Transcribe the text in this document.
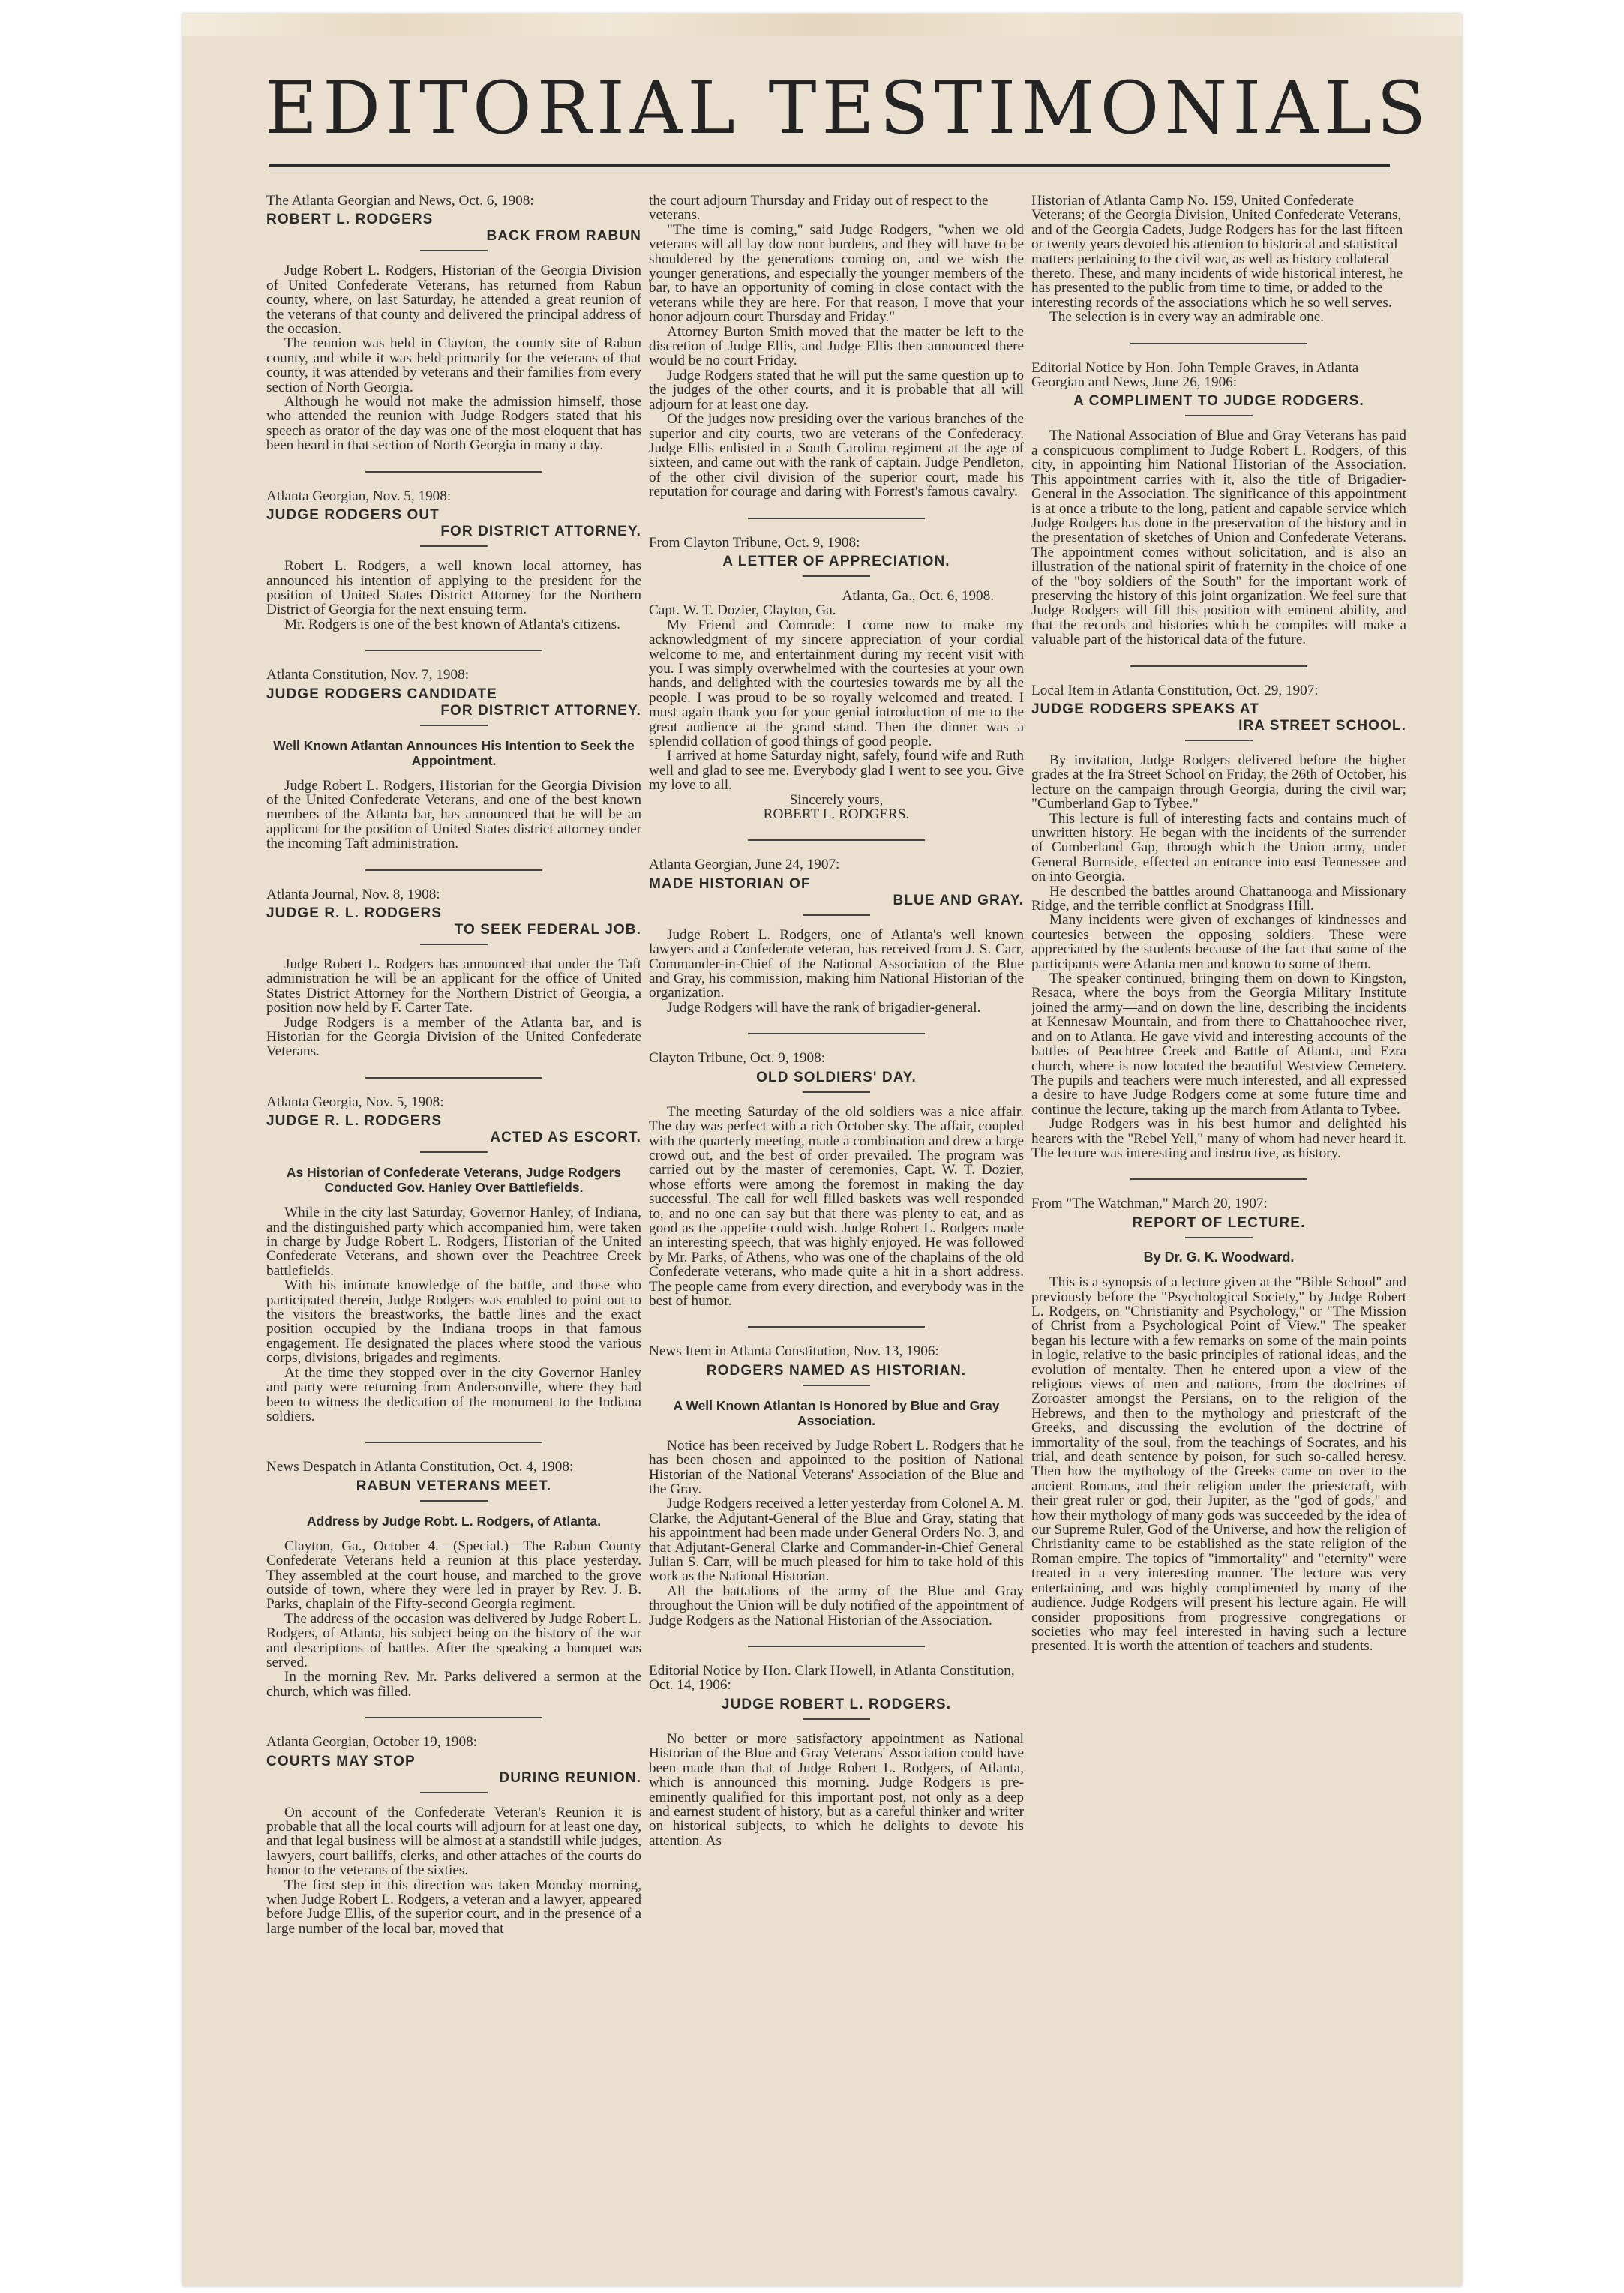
EDITORIAL TESTIMONIALS

The Atlanta Georgian and News, Oct. 6, 1908:

ROBERT L. RODGERS
BACK FROM RABUN

Judge Robert L. Rodgers, Historian of the Georgia Division of United Confederate Veterans, has returned from Rabun county, where, on last Saturday, he attended a great reunion of the veterans of that county and delivered the principal address of the occasion.

The reunion was held in Clayton, the county site of Rabun county, and while it was held primarily for the veterans of that county, it was attended by veterans and their families from every section of North Georgia.

Although he would not make the admission himself, those who attended the reunion with Judge Rodgers stated that his speech as orator of the day was one of the most eloquent that has been heard in that section of North Georgia in many a day.

Atlanta Georgian, Nov. 5, 1908:

JUDGE RODGERS OUT
FOR DISTRICT ATTORNEY.

Robert L. Rodgers, a well known local attorney, has announced his intention of applying to the president for the position of United States District Attorney for the Northern District of Georgia for the next ensuing term.

Mr. Rodgers is one of the best known of Atlanta's citizens.

Atlanta Constitution, Nov. 7, 1908:

JUDGE RODGERS CANDIDATE
FOR DISTRICT ATTORNEY.
Well Known Atlantan Announces His Intention to Seek the Appointment.

Judge Robert L. Rodgers, Historian for the Georgia Division of the United Confederate Veterans, and one of the best known members of the Atlanta bar, has announced that he will be an applicant for the position of United States district attorney under the incoming Taft administration.

Atlanta Journal, Nov. 8, 1908:

JUDGE R. L. RODGERS
TO SEEK FEDERAL JOB.

Judge Robert L. Rodgers has announced that under the Taft administration he will be an applicant for the office of United States District Attorney for the Northern District of Georgia, a position now held by F. Carter Tate.

Judge Rodgers is a member of the Atlanta bar, and is Historian for the Georgia Division of the United Confederate Veterans.

Atlanta Georgia, Nov. 5, 1908:

JUDGE R. L. RODGERS
ACTED AS ESCORT.
As Historian of Confederate Veterans, Judge Rodgers Conducted Gov. Hanley Over Battlefields.

While in the city last Saturday, Governor Hanley, of Indiana, and the distinguished party which accompanied him, were taken in charge by Judge Robert L. Rodgers, Historian of the United Confederate Veterans, and shown over the Peachtree Creek battlefields.

With his intimate knowledge of the battle, and those who participated therein, Judge Rodgers was enabled to point out to the visitors the breastworks, the battle lines and the exact position occupied by the Indiana troops in that famous engagement. He designated the places where stood the various corps, divisions, brigades and regiments.

At the time they stopped over in the city Governor Hanley and party were returning from Andersonville, where they had been to witness the dedication of the monument to the Indiana soldiers.

News Despatch in Atlanta Constitution, Oct. 4, 1908:

RABUN VETERANS MEET.
Address by Judge Robt. L. Rodgers, of Atlanta.

Clayton, Ga., October 4.—(Special.)—The Rabun County Confederate Veterans held a reunion at this place yesterday. They assembled at the court house, and marched to the grove outside of town, where they were led in prayer by Rev. J. B. Parks, chaplain of the Fifty-second Georgia regiment.

The address of the occasion was delivered by Judge Robert L. Rodgers, of Atlanta, his subject being on the history of the war and descriptions of battles. After the speaking a banquet was served.

In the morning Rev. Mr. Parks delivered a sermon at the church, which was filled.

Atlanta Georgian, October 19, 1908:

COURTS MAY STOP
DURING REUNION.

On account of the Confederate Veteran's Reunion it is probable that all the local courts will adjourn for at least one day, and that legal business will be almost at a standstill while judges, lawyers, court bailiffs, clerks, and other attaches of the courts do honor to the veterans of the sixties.

The first step in this direction was taken Monday morning, when Judge Robert L. Rodgers, a veteran and a lawyer, appeared before Judge Ellis, of the superior court, and in the presence of a large number of the local bar, moved that

the court adjourn Thursday and Friday out of respect to the veterans.

"The time is coming," said Judge Rodgers, "when we old veterans will all lay dow nour burdens, and they will have to be shouldered by the generations coming on, and we wish the younger generations, and especially the younger members of the bar, to have an opportunity of coming in close contact with the veterans while they are here. For that reason, I move that your honor adjourn court Thursday and Friday."

Attorney Burton Smith moved that the matter be left to the discretion of Judge Ellis, and Judge Ellis then announced there would be no court Friday.

Judge Rodgers stated that he will put the same question up to the judges of the other courts, and it is probable that all will adjourn for at least one day.

Of the judges now presiding over the various branches of the superior and city courts, two are veterans of the Confederacy. Judge Ellis enlisted in a South Carolina regiment at the age of sixteen, and came out with the rank of captain. Judge Pendleton, of the other civil division of the superior court, made his reputation for courage and daring with Forrest's famous cavalry.

From Clayton Tribune, Oct. 9, 1908:

A LETTER OF APPRECIATION.

Atlanta, Ga., Oct. 6, 1908.

Capt. W. T. Dozier, Clayton, Ga.

My Friend and Comrade: I come now to make my acknowledgment of my sincere appreciation of your cordial welcome to me, and entertainment during my recent visit with you. I was simply overwhelmed with the courtesies at your own hands, and delighted with the courtesies towards me by all the people. I was proud to be so royally welcomed and treated. I must again thank you for your genial introduction of me to the great audience at the grand stand. Then the dinner was a splendid collation of good things of good people.

I arrived at home Saturday night, safely, found wife and Ruth well and glad to see me. Everybody glad I went to see you. Give my love to all.

Sincerely yours,

ROBERT L. RODGERS.

Atlanta Georgian, June 24, 1907:

MADE HISTORIAN OF
BLUE AND GRAY.

Judge Robert L. Rodgers, one of Atlanta's well known lawyers and a Confederate veteran, has received from J. S. Carr, Commander-in-Chief of the National Association of the Blue and Gray, his commission, making him National Historian of the organization.

Judge Rodgers will have the rank of brigadier-general.

Clayton Tribune, Oct. 9, 1908:

OLD SOLDIERS' DAY.

The meeting Saturday of the old soldiers was a nice affair. The day was perfect with a rich October sky. The affair, coupled with the quarterly meeting, made a combination and drew a large crowd out, and the best of order prevailed. The program was carried out by the master of ceremonies, Capt. W. T. Dozier, whose efforts were among the foremost in making the day successful. The call for well filled baskets was well responded to, and no one can say but that there was plenty to eat, and as good as the appetite could wish. Judge Robert L. Rodgers made an interesting speech, that was highly enjoyed. He was followed by Mr. Parks, of Athens, who was one of the chaplains of the old Confederate veterans, who made quite a hit in a short address. The people came from every direction, and everybody was in the best of humor.

News Item in Atlanta Constitution, Nov. 13, 1906:

RODGERS NAMED AS HISTORIAN.
A Well Known Atlantan Is Honored by Blue and Gray Association.

Notice has been received by Judge Robert L. Rodgers that he has been chosen and appointed to the position of National Historian of the National Veterans' Association of the Blue and the Gray.

Judge Rodgers received a letter yesterday from Colonel A. M. Clarke, the Adjutant-General of the Blue and Gray, stating that his appointment had been made under General Orders No. 3, and that Adjutant-General Clarke and Commander-in-Chief General Julian S. Carr, will be much pleased for him to take hold of this work as the National Historian.

All the battalions of the army of the Blue and Gray throughout the Union will be duly notified of the appointment of Judge Rodgers as the National Historian of the Association.

Editorial Notice by Hon. Clark Howell, in Atlanta Constitution, Oct. 14, 1906:

JUDGE ROBERT L. RODGERS.

No better or more satisfactory appointment as National Historian of the Blue and Gray Veterans' Association could have been made than that of Judge Robert L. Rodgers, of Atlanta, which is announced this morning. Judge Rodgers is pre-eminently qualified for this important post, not only as a deep and earnest student of history, but as a careful thinker and writer on historical subjects, to which he delights to devote his attention. As

Historian of Atlanta Camp No. 159, United Confederate Veterans; of the Georgia Division, United Confederate Veterans, and of the Georgia Cadets, Judge Rodgers has for the last fifteen or twenty years devoted his attention to historical and statistical matters pertaining to the civil war, as well as history collateral thereto. These, and many incidents of wide historical interest, he has presented to the public from time to time, or added to the interesting records of the associations which he so well serves.

The selection is in every way an admirable one.

Editorial Notice by Hon. John Temple Graves, in Atlanta Georgian and News, June 26, 1906:

A COMPLIMENT TO JUDGE RODGERS.

The National Association of Blue and Gray Veterans has paid a conspicuous compliment to Judge Robert L. Rodgers, of this city, in appointing him National Historian of the Association. This appointment carries with it, also the title of Brigadier-General in the Association. The significance of this appointment is at once a tribute to the long, patient and capable service which Judge Rodgers has done in the preservation of the history and in the presentation of sketches of Union and Confederate Veterans. The appointment comes without solicitation, and is also an illustration of the national spirit of fraternity in the choice of one of the "boy soldiers of the South" for the important work of preserving the history of this joint organization. We feel sure that Judge Rodgers will fill this position with eminent ability, and that the records and histories which he compiles will make a valuable part of the historical data of the future.

Local Item in Atlanta Constitution, Oct. 29, 1907:

JUDGE RODGERS SPEAKS AT
IRA STREET SCHOOL.

By invitation, Judge Rodgers delivered before the higher grades at the Ira Street School on Friday, the 26th of October, his lecture on the campaign through Georgia, during the civil war; "Cumberland Gap to Tybee."

This lecture is full of interesting facts and contains much of unwritten history. He began with the incidents of the surrender of Cumberland Gap, through which the Union army, under General Burnside, effected an entrance into east Tennessee and on into Georgia.

He described the battles around Chattanooga and Missionary Ridge, and the terrible conflict at Snodgrass Hill.

Many incidents were given of exchanges of kindnesses and courtesies between the opposing soldiers. These were appreciated by the students because of the fact that some of the participants were Atlanta men and known to some of them.

The speaker continued, bringing them on down to Kingston, Resaca, where the boys from the Georgia Military Institute joined the army—and on down the line, describing the incidents at Kennesaw Mountain, and from there to Chattahoochee river, and on to Atlanta. He gave vivid and interesting accounts of the battles of Peachtree Creek and Battle of Atlanta, and Ezra church, where is now located the beautiful Westview Cemetery. The pupils and teachers were much interested, and all expressed a desire to have Judge Rodgers come at some future time and continue the lecture, taking up the march from Atlanta to Tybee.

Judge Rodgers was in his best humor and delighted his hearers with the "Rebel Yell," many of whom had never heard it. The lecture was interesting and instructive, as history.

From "The Watchman," March 20, 1907:

REPORT OF LECTURE.
By Dr. G. K. Woodward.

This is a synopsis of a lecture given at the "Bible School" and previously before the "Psychological Society," by Judge Robert L. Rodgers, on "Christianity and Psychology," or "The Mission of Christ from a Psychological Point of View." The speaker began his lecture with a few remarks on some of the main points in logic, relative to the basic principles of rational ideas, and the evolution of mentalty. Then he entered upon a view of the religious views of men and nations, from the doctrines of Zoroaster amongst the Persians, on to the religion of the Hebrews, and then to the mythology and priestcraft of the Greeks, and discussing the evolution of the doctrine of immortality of the soul, from the teachings of Socrates, and his trial, and death sentence by poison, for such so-called heresy. Then how the mythology of the Greeks came on over to the ancient Romans, and their religion under the priestcraft, with their great ruler or god, their Jupiter, as the "god of gods," and how their mythology of many gods was succeeded by the idea of our Supreme Ruler, God of the Universe, and how the religion of Christianity came to be established as the state religion of the Roman empire. The topics of "immortality" and "eternity" were treated in a very interesting manner. The lecture was very entertaining, and was highly complimented by many of the audience. Judge Rodgers will present his lecture again. He will consider propositions from progressive congregations or societies who may feel interested in having such a lecture presented. It is worth the attention of teachers and students.
